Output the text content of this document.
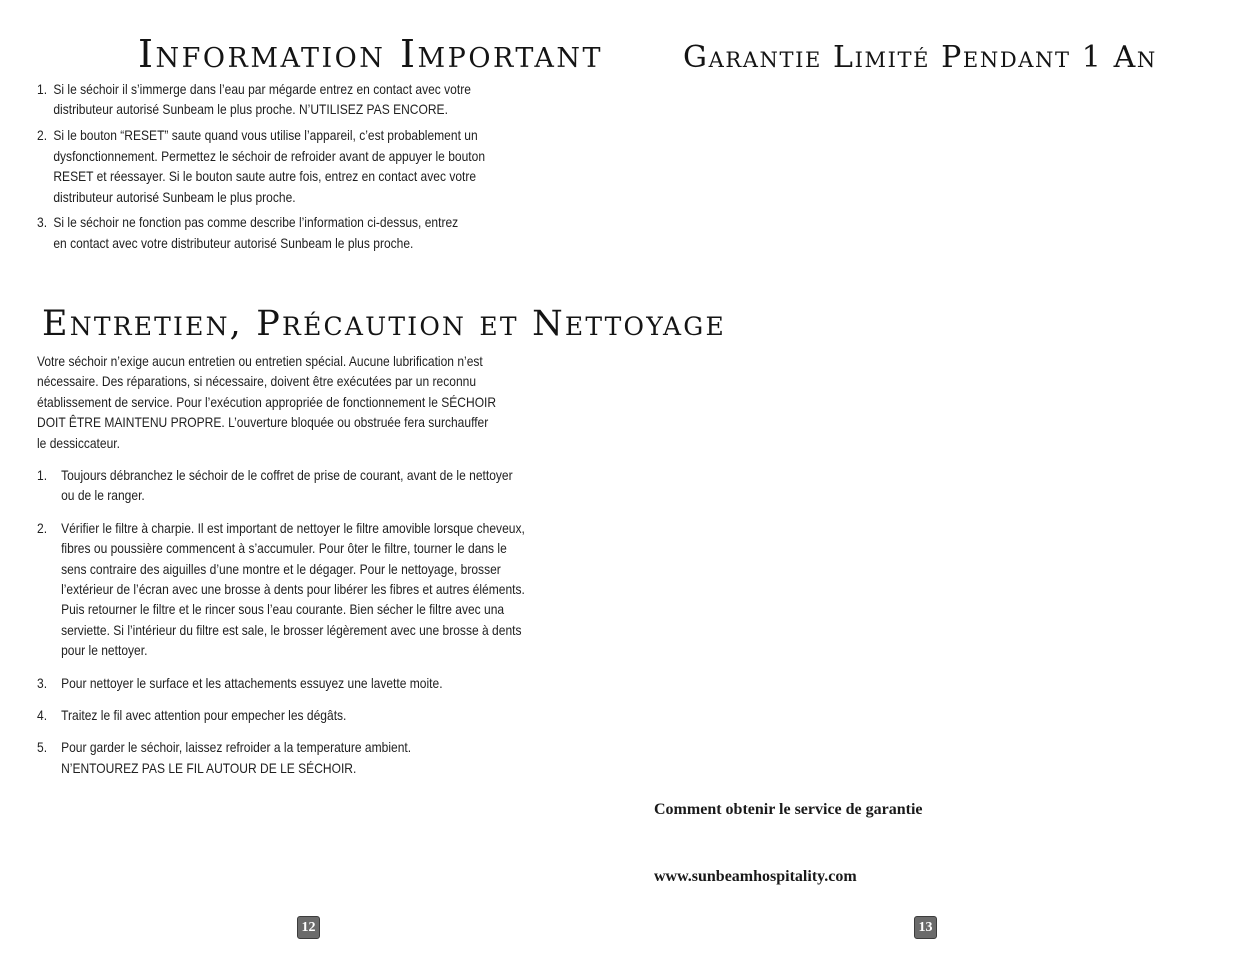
Information Important
1. Si le séchoir il s’immerge dans l’eau par mégarde entrez en contact avec votre
distributeur autorisé Sunbeam le plus proche. N’UTILISEZ PAS ENCORE.
2. Si le bouton “RESET” saute quand vous utilise l’appareil, c’est probablement un
dysfonctionnement. Permettez le séchoir de refroider avant de appuyer le bouton
RESET et réessayer. Si le bouton saute autre fois, entrez en contact avec votre
distributeur autorisé Sunbeam le plus proche.
3. Si le séchoir ne fonction pas comme describe l’information ci-dessus, entrez
en contact avec votre distributeur autorisé Sunbeam le plus proche.
Entretien, Précaution et Nettoyage
Votre séchoir n’exige aucun entretien ou entretien spécial. Aucune lubrification n’est
nécessaire. Des réparations, si nécessaire, doivent être exécutées par un reconnu
établissement de service. Pour l’exécution appropriée de fonctionnement le SÉCHOIR
DOIT ÊTRE MAINTENU PROPRE. L’ouverture bloquée ou obstruée fera surchauffer
le dessiccateur.
1. Toujours débranchez le séchoir de le coffret de prise de courant, avant de le nettoyer
ou de le ranger.
2. Vérifier le filtre à charpie. Il est important de nettoyer le filtre amovible lorsque cheveux,
fibres ou poussière commencent à s’accumuler. Pour ôter le filtre, tourner le dans le
sens contraire des aiguilles d’une montre et le dégager. Pour le nettoyage, brosser
l’extérieur de l’écran avec une brosse à dents pour libérer les fibres et autres éléments.
Puis retourner le filtre et le rincer sous l’eau courante. Bien sécher le filtre avec una
serviette. Si l’intérieur du filtre est sale, le brosser légèrement avec une brosse à dents
pour le nettoyer.
3. Pour nettoyer le surface et les attachements essuyez une lavette moite.
4. Traitez le fil avec attention pour empecher les dégâts.
5. Pour garder le séchoir, laissez refroider a la temperature ambient.
N’ENTOUREZ PAS LE FIL AUTOUR DE LE SÉCHOIR.
12
Garantie Limité Pendant 1 An
Comment obtenir le service de garantie
www.sunbeamhospitality.com
13
